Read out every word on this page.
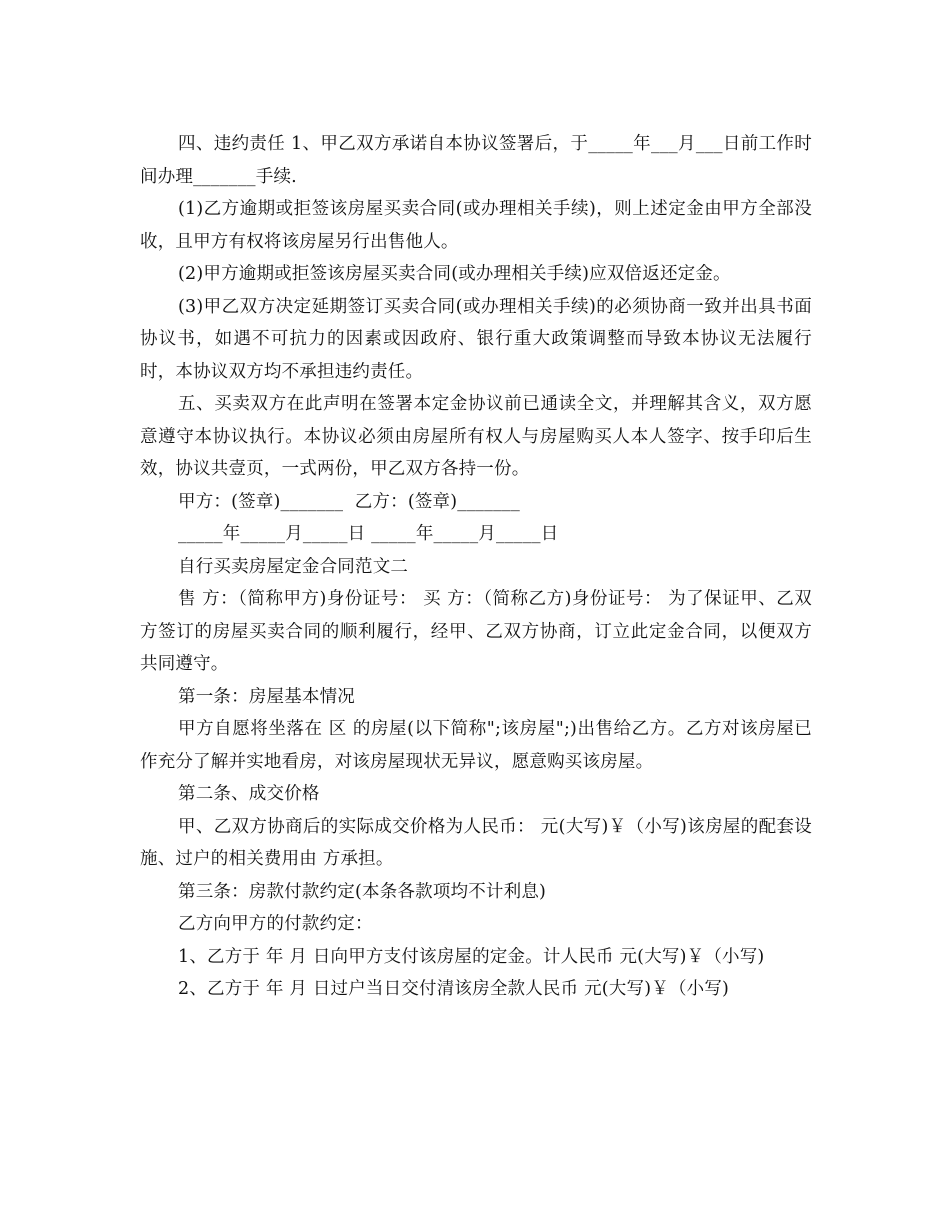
四、违约责任 1、甲乙双方承诺自本协议签署后，于_____年___月___日前工作时间办理_______手续.

(1)乙方逾期或拒签该房屋买卖合同(或办理相关手续)，则上述定金由甲方全部没收，且甲方有权将该房屋另行出售他人。

(2)甲方逾期或拒签该房屋买卖合同(或办理相关手续)应双倍返还定金。

(3)甲乙双方决定延期签订买卖合同(或办理相关手续)的必须协商一致并出具书面协议书，如遇不可抗力的因素或因政府、银行重大政策调整而导致本协议无法履行时，本协议双方均不承担违约责任。

五、买卖双方在此声明在签署本定金协议前已通读全文，并理解其含义，双方愿意遵守本协议执行。本协议必须由房屋所有权人与房屋购买人本人签字、按手印后生效，协议共壹页，一式两份，甲乙双方各持一份。

甲方：(签章)_______  乙方：(签章)_______

_____年_____月_____日 _____年_____月_____日

自行买卖房屋定金合同范文二

售 方：（简称甲方)身份证号： 买 方：（简称乙方)身份证号： 为了保证甲、乙双方签订的房屋买卖合同的顺利履行，经甲、乙双方协商，订立此定金合同，以便双方共同遵守。

第一条：房屋基本情况

甲方自愿将坐落在 区 的房屋(以下简称";该房屋";)出售给乙方。乙方对该房屋已作充分了解并实地看房，对该房屋现状无异议，愿意购买该房屋。

第二条、成交价格

甲、乙双方协商后的实际成交价格为人民币： 元(大写)￥（小写)该房屋的配套设施、过户的相关费用由 方承担。

第三条：房款付款约定(本条各款项均不计利息)

乙方向甲方的付款约定：

1、乙方于 年 月 日向甲方支付该房屋的定金。计人民币 元(大写)￥（小写)

2、乙方于 年 月 日过户当日交付清该房全款人民币 元(大写)￥（小写)
